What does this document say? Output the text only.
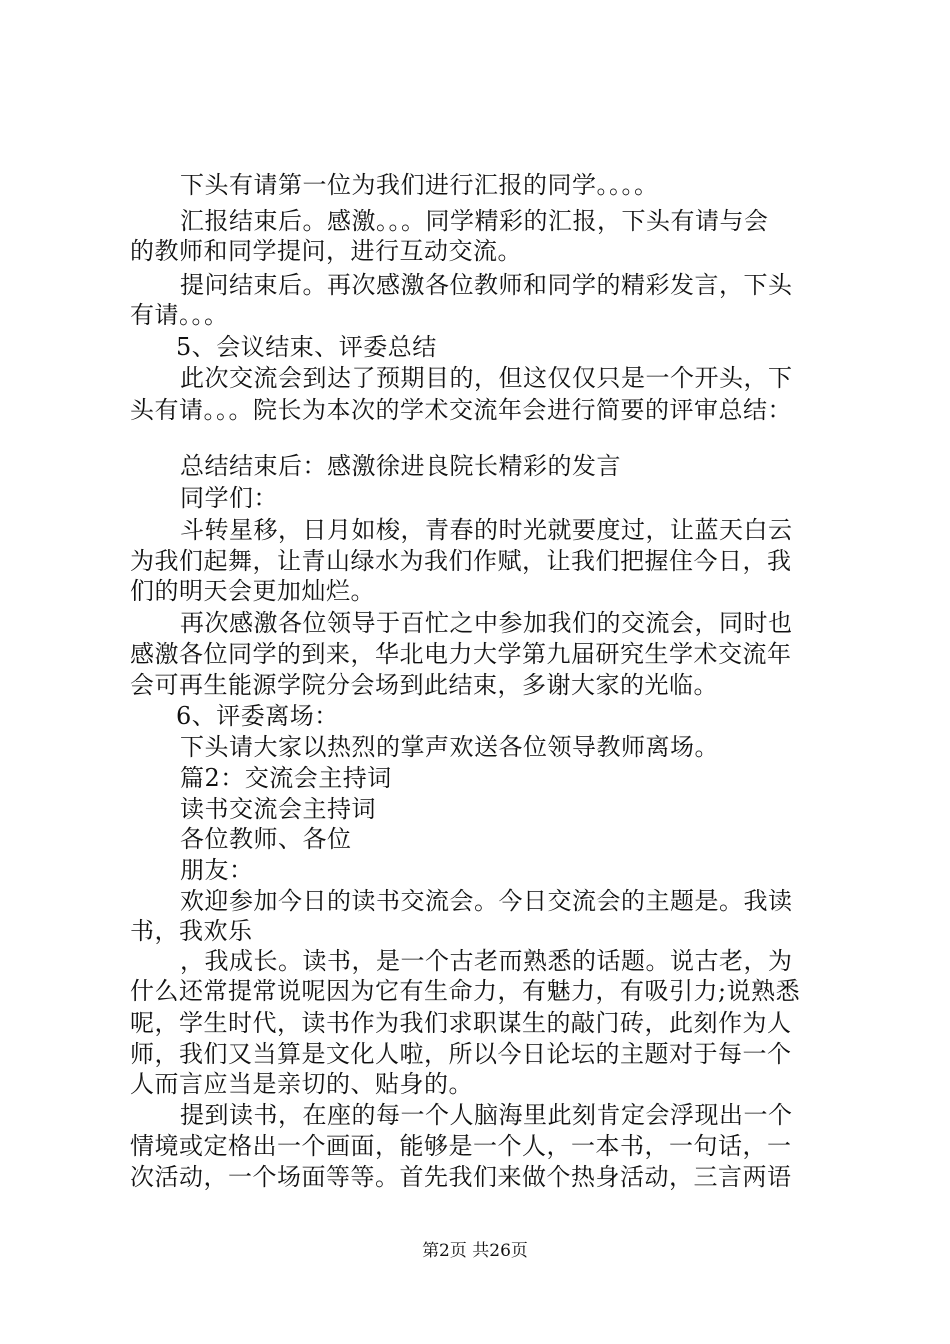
下头有请第一位为我们进行汇报的同学。。。。
汇报结束后。感激。。。同学精彩的汇报，下头有请与会
的教师和同学提问，进行互动交流。
提问结束后。再次感激各位教师和同学的精彩发言，下头
有请。。。
5、会议结束、评委总结
此次交流会到达了预期目的，但这仅仅只是一个开头，下
头有请。。。院长为本次的学术交流年会进行简要的评审总结：
总结结束后：感激徐进良院长精彩的发言
同学们：
斗转星移，日月如梭，青春的时光就要度过，让蓝天白云
为我们起舞，让青山绿水为我们作赋，让我们把握住今日，我
们的明天会更加灿烂。
再次感激各位领导于百忙之中参加我们的交流会，同时也
感激各位同学的到来，华北电力大学第九届研究生学术交流年
会可再生能源学院分会场到此结束，多谢大家的光临。
6、评委离场：
下头请大家以热烈的掌声欢送各位领导教师离场。
篇2：交流会主持词
读书交流会主持词
各位教师、各位
朋友：
欢迎参加今日的读书交流会。今日交流会的主题是。我读
书，我欢乐
，我成长。读书，是一个古老而熟悉的话题。说古老，为
什么还常提常说呢因为它有生命力，有魅力，有吸引力;说熟悉
呢，学生时代，读书作为我们求职谋生的敲门砖，此刻作为人
师，我们又当算是文化人啦，所以今日论坛的主题对于每一个
人而言应当是亲切的、贴身的。
提到读书，在座的每一个人脑海里此刻肯定会浮现出一个
情境或定格出一个画面，能够是一个人，一本书，一句话，一
次活动，一个场面等等。首先我们来做个热身活动，三言两语
第2页 共26页
